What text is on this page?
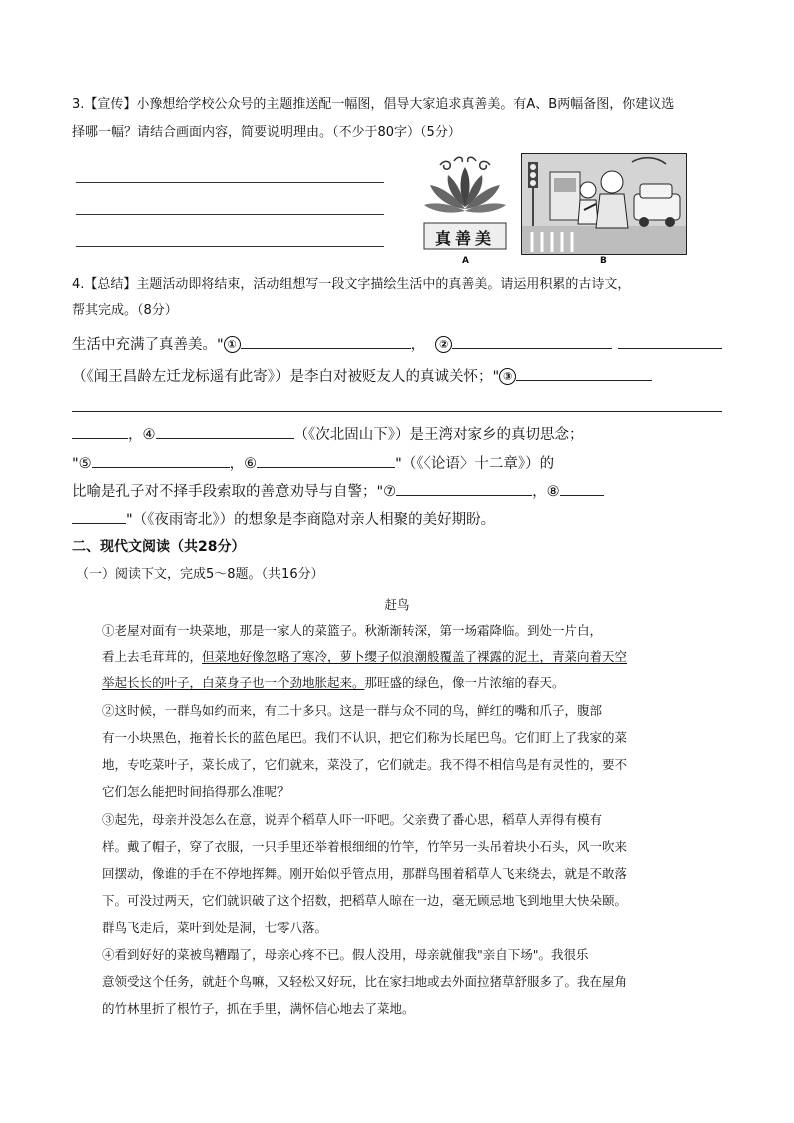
3.【宣传】小豫想给学校公众号的主题推送配一幅图，倡导大家追求真善美。有A、B两幅备图，你建议选
择哪一幅？请结合画面内容，简要说明理由。（不少于80字）（5分）
真善美
A	B
4.【总结】主题活动即将结束，活动组想写一段文字描绘生活中的真善美。请运用积累的古诗文，
帮其完成。（8分）
生活中充满了真善美。" ①	， ②
（《闻王昌龄左迁龙标遥有此寄》）是李白对被贬友人的真诚关怀；" ③
，④	（《次北固山下》）是王湾对家乡的真切思念；
"⑤	，⑥	"（《〈论语〉十二章》）的
比喻是孔子对不择手段索取的善意劝导与自警；"⑦	，⑧
"（《夜雨寄北》）的想象是李商隐对亲人相聚的美好期盼。
二、现代文阅读（共28分）
（一）阅读下文，完成5～8题。（共16分）
赶鸟
①老屋对面有一块菜地，那是一家人的菜篮子。秋渐渐转深，第一场霜降临。到处一片白，
看上去毛茸茸的，但菜地好像忽略了寒冷，萝卜缨子似浪潮般覆盖了裸露的泥土，青菜向着天空
举起长长的叶子，白菜身子也一个劲地胀起来。那旺盛的绿色，像一片浓缩的春天。
②这时候，一群鸟如约而来，有二十多只。这是一群与众不同的鸟，鲜红的嘴和爪子，腹部
有一小块黑色，拖着长长的蓝色尾巴。我们不认识，把它们称为长尾巴鸟。它们盯上了我家的菜
地，专吃菜叶子，菜长成了，它们就来，菜没了，它们就走。我不得不相信鸟是有灵性的，要不
它们怎么能把时间掐得那么准呢？
③起先，母亲并没怎么在意，说弄个稻草人吓一吓吧。父亲费了番心思，稻草人弄得有模有
样。戴了帽子，穿了衣服，一只手里还举着根细细的竹竿，竹竿另一头吊着块小石头，风一吹来
回摆动，像谁的手在不停地挥舞。刚开始似乎管点用，那群鸟围着稻草人飞来绕去，就是不敢落
下。可没过两天，它们就识破了这个招数，把稻草人晾在一边，毫无顾忌地飞到地里大快朵颐。
群鸟飞走后，菜叶到处是洞，七零八落。
④看到好好的菜被鸟糟蹋了，母亲心疼不已。假人没用，母亲就催我"亲自下场"。我很乐
意领受这个任务，就赶个鸟嘛，又轻松又好玩，比在家扫地或去外面拉猪草舒服多了。我在屋角
的竹林里折了根竹子，抓在手里，满怀信心地去了菜地。
